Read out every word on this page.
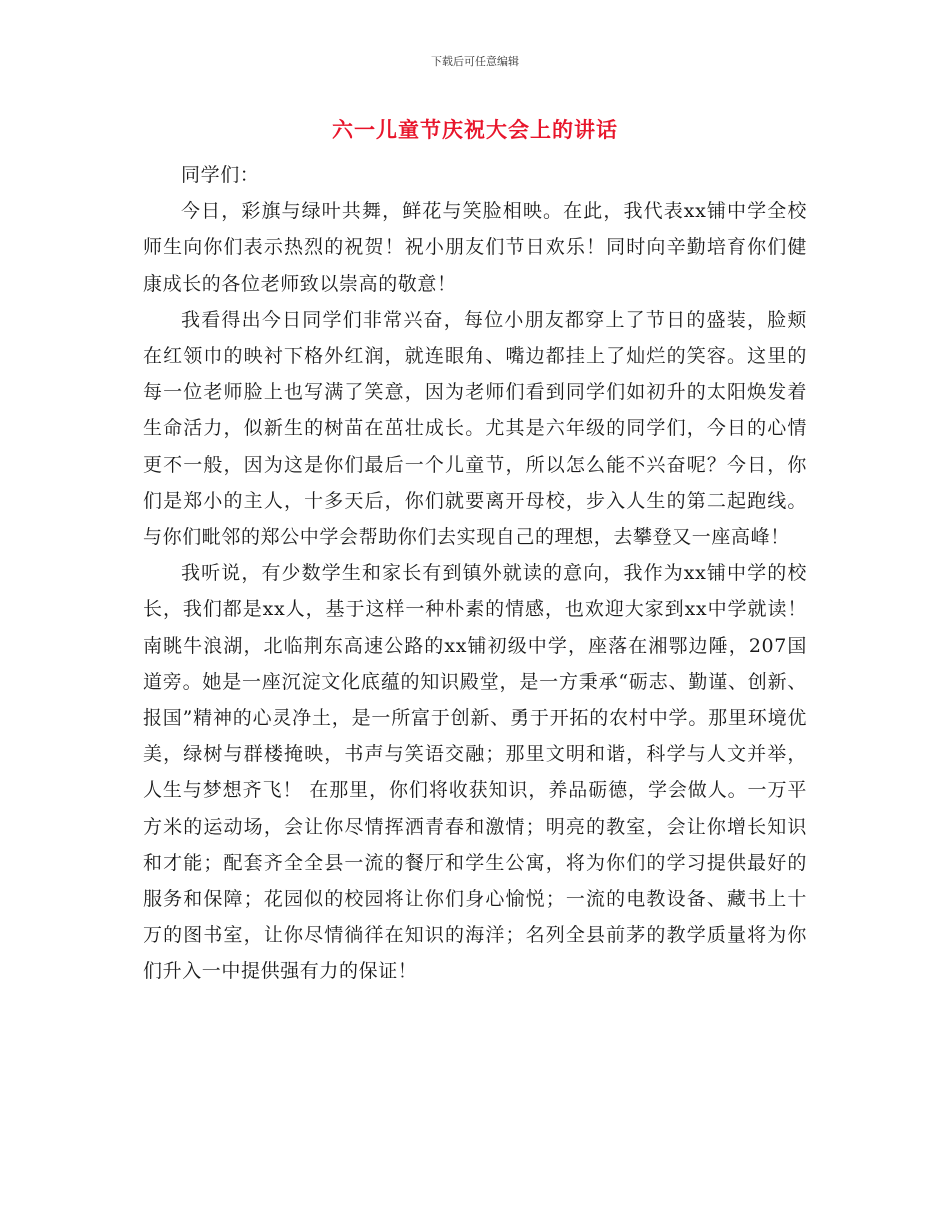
下载后可任意编辑
六一儿童节庆祝大会上的讲话

同学们：

今日，彩旗与绿叶共舞，鲜花与笑脸相映。在此，我代表xx铺中学全校师生向你们表示热烈的祝贺！祝小朋友们节日欢乐！同时向辛勤培育你们健康成长的各位老师致以崇高的敬意！

我看得出今日同学们非常兴奋，每位小朋友都穿上了节日的盛装，脸颊在红领巾的映衬下格外红润，就连眼角、嘴边都挂上了灿烂的笑容。这里的每一位老师脸上也写满了笑意，因为老师们看到同学们如初升的太阳焕发着生命活力，似新生的树苗在茁壮成长。尤其是六年级的同学们，今日的心情更不一般，因为这是你们最后一个儿童节，所以怎么能不兴奋呢？今日，你们是郑小的主人，十多天后，你们就要离开母校，步入人生的第二起跑线。与你们毗邻的郑公中学会帮助你们去实现自己的理想，去攀登又一座高峰！

我听说，有少数学生和家长有到镇外就读的意向，我作为xx铺中学的校长，我们都是xx人，基于这样一种朴素的情感，也欢迎大家到xx中学就读！南眺牛浪湖，北临荆东高速公路的xx铺初级中学，座落在湘鄂边陲，207国道旁。她是一座沉淀文化底蕴的知识殿堂，是一方秉承“砺志、勤谨、创新、报国”精神的心灵净土，是一所富于创新、勇于开拓的农村中学。那里环境优美，绿树与群楼掩映，书声与笑语交融；那里文明和谐，科学与人文并举，人生与梦想齐飞！ 在那里，你们将收获知识，养品砺德，学会做人。一万平方米的运动场，会让你尽情挥洒青春和激情；明亮的教室，会让你增长知识和才能；配套齐全全县一流的餐厅和学生公寓，将为你们的学习提供最好的服务和保障；花园似的校园将让你们身心愉悦；一流的电教设备、藏书上十万的图书室，让你尽情徜徉在知识的海洋；名列全县前茅的教学质量将为你们升入一中提供强有力的保证！
